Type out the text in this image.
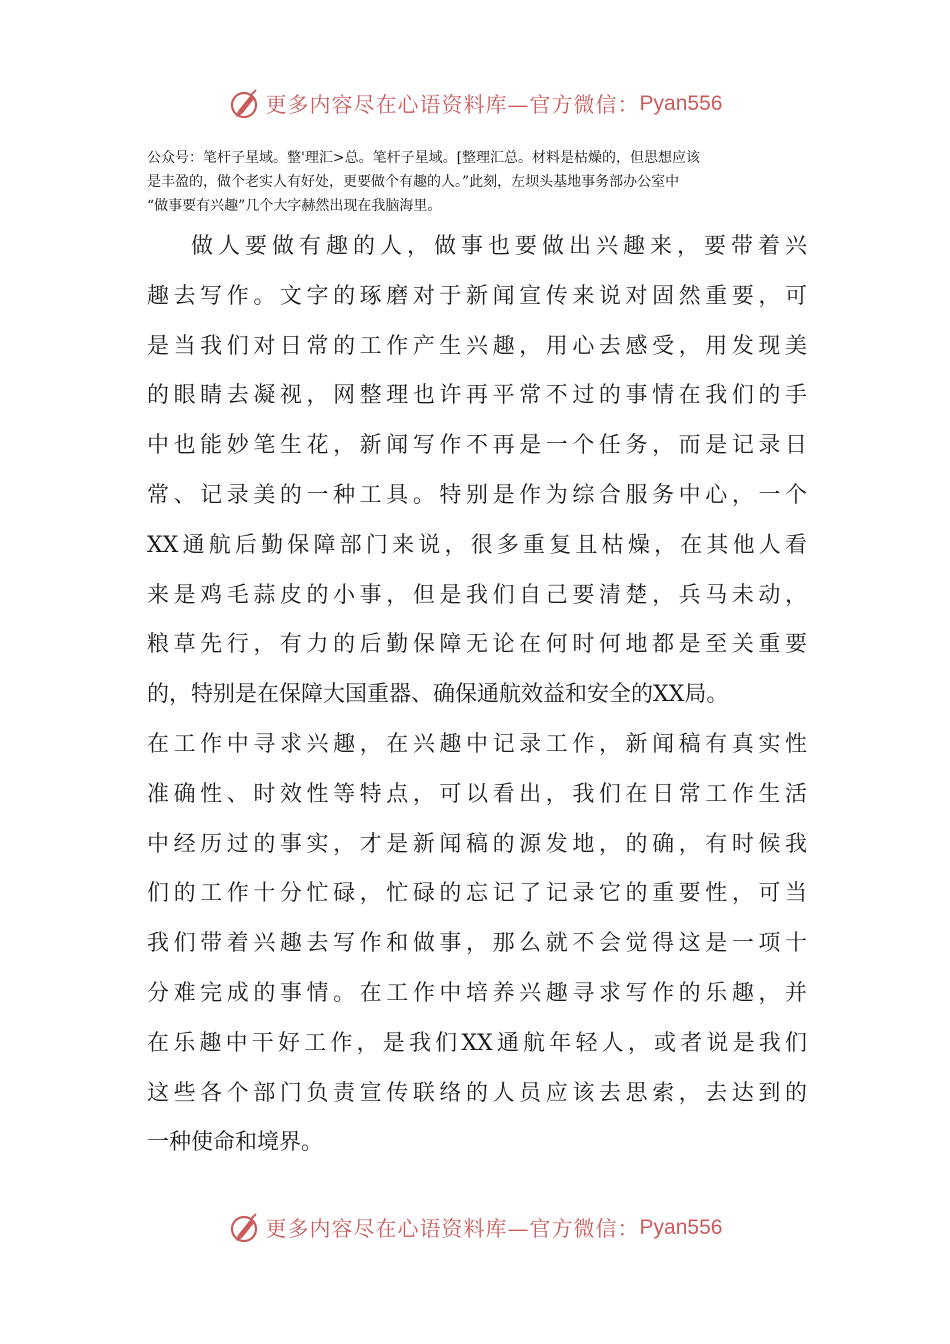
更多内容尽在心语资料库—官方微信： Pyan556

公众号：笔杆子星域。整'理汇>总。笔杆子星域。[整理汇总。材料是枯燥的，但思想应该

是丰盈的，做个老实人有好处，更要做个有趣的人。”此刻，左坝头基地事务部办公室中

“做事要有兴趣”几个大字赫然出现在我脑海里。

做人要做有趣的人，做事也要做出兴趣来，要带着兴
趣去写作。文字的琢磨对于新闻宣传来说对固然重要，可
是当我们对日常的工作产生兴趣，用心去感受，用发现美
的眼睛去凝视，网整理也许再平常不过的事情在我们的手
中也能妙笔生花，新闻写作不再是一个任务，而是记录日
常、记录美的一种工具。特别是作为综合服务中心，一个
XX通航后勤保障部门来说，很多重复且枯燥，在其他人看
来是鸡毛蒜皮的小事，但是我们自己要清楚，兵马未动，
粮草先行，有力的后勤保障无论在何时何地都是至关重要
的，特别是在保障大国重器、确保通航效益和安全的XX局。
在工作中寻求兴趣，在兴趣中记录工作，新闻稿有真实性
准确性、时效性等特点，可以看出，我们在日常工作生活
中经历过的事实，才是新闻稿的源发地，的确，有时候我
们的工作十分忙碌，忙碌的忘记了记录它的重要性，可当
我们带着兴趣去写作和做事，那么就不会觉得这是一项十
分难完成的事情。在工作中培养兴趣寻求写作的乐趣，并
在乐趣中干好工作，是我们XX通航年轻人，或者说是我们
这些各个部门负责宣传联络的人员应该去思索，去达到的
一种使命和境界。
更多内容尽在心语资料库—官方微信： Pyan556
